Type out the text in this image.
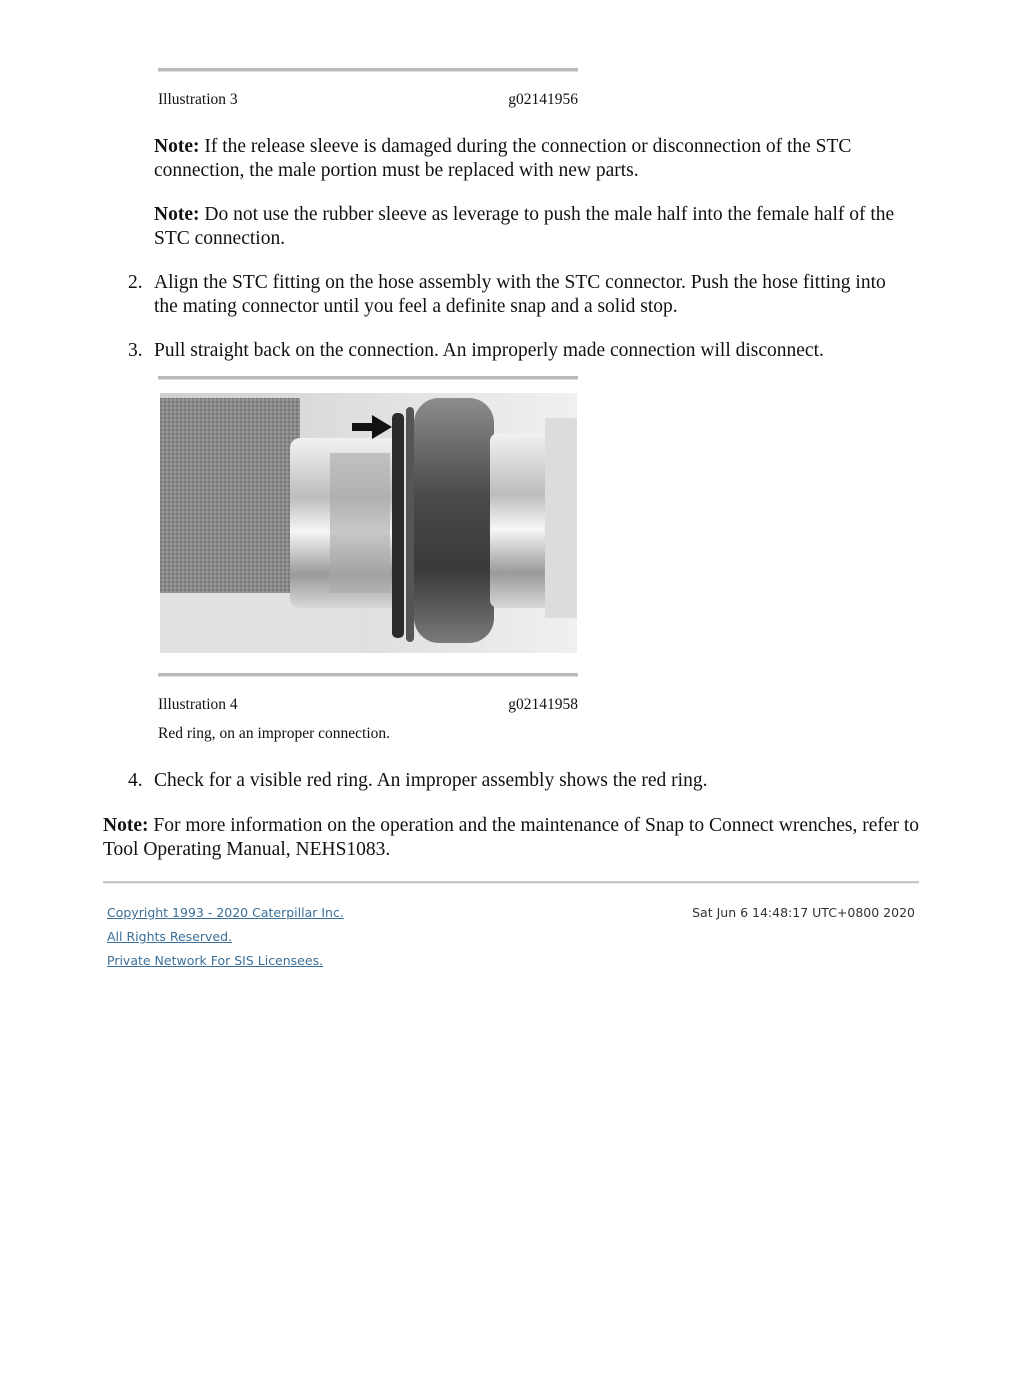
Illustration 3	g02141956
Note: If the release sleeve is damaged during the connection or disconnection of the STC connection, the male portion must be replaced with new parts.
Note: Do not use the rubber sleeve as leverage to push the male half into the female half of the STC connection.
2. Align the STC fitting on the hose assembly with the STC connector. Push the hose fitting into the mating connector until you feel a definite snap and a solid stop.
3. Pull straight back on the connection. An improperly made connection will disconnect.
Illustration 4	g02141958
Red ring, on an improper connection.
4. Check for a visible red ring. An improper assembly shows the red ring.
Note: For more information on the operation and the maintenance of Snap to Connect wrenches, refer to Tool Operating Manual, NEHS1083.
Copyright 1993 - 2020 Caterpillar Inc.
All Rights Reserved.
Private Network For SIS Licensees.
Sat Jun 6 14:48:17 UTC+0800 2020
